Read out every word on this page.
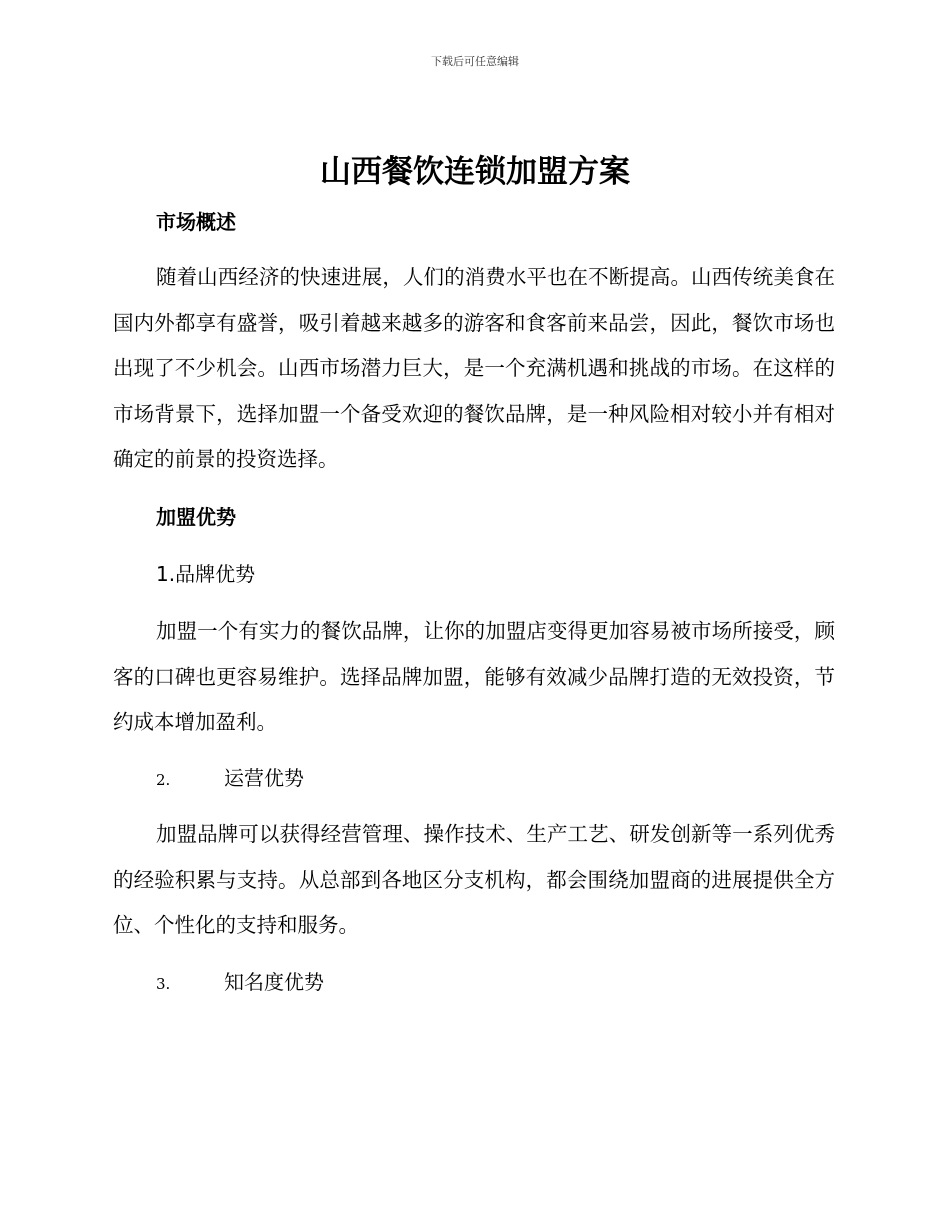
下载后可任意编辑
山西餐饮连锁加盟方案
市场概述

随着山西经济的快速进展，人们的消费水平也在不断提高。山西传统美食在国内外都享有盛誉，吸引着越来越多的游客和食客前来品尝，因此，餐饮市场也出现了不少机会。山西市场潜力巨大，是一个充满机遇和挑战的市场。在这样的市场背景下，选择加盟一个备受欢迎的餐饮品牌，是一种风险相对较小并有相对确定的前景的投资选择。

加盟优势
1.品牌优势

加盟一个有实力的餐饮品牌，让你的加盟店变得更加容易被市场所接受，顾客的口碑也更容易维护。选择品牌加盟，能够有效减少品牌打造的无效投资，节约成本增加盈利。

2.	运营优势

加盟品牌可以获得经营管理、操作技术、生产工艺、研发创新等一系列优秀的经验积累与支持。从总部到各地区分支机构，都会围绕加盟商的进展提供全方位、个性化的支持和服务。

3.	知名度优势
